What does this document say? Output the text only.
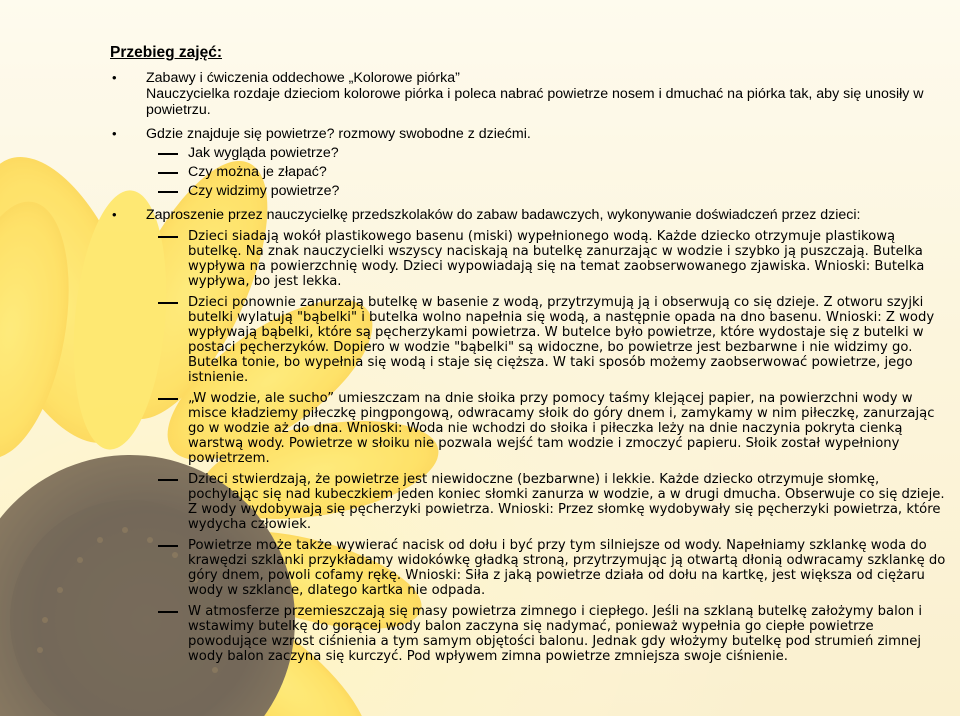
Przebieg zajęć:
• Zabawy i ćwiczenia oddechowe „Kolorowe piórka”
Nauczycielka rozdaje dzieciom kolorowe piórka i poleca nabrać powietrze nosem i dmuchać na piórka tak, aby się unosiły w powietrzu.
• Gdzie znajduje się powietrze? rozmowy swobodne z dziećmi.
Jak wygląda powietrze?
Czy można je złapać?
Czy widzimy powietrze?
• Zaproszenie przez nauczycielkę przedszkolaków do zabaw badawczych, wykonywanie doświadczeń przez dzieci:
Dzieci siadają wokół plastikowego basenu (miski) wypełnionego wodą. Każde dziecko otrzymuje plastikową butelkę. Na znak nauczycielki wszyscy naciskają na butelkę zanurzając w wodzie i szybko ją puszczają. Butelka wypływa na powierzchnię wody. Dzieci wypowiadają się na temat zaobserwowanego zjawiska. Wnioski: Butelka wypływa, bo jest lekka.
Dzieci ponownie zanurzają butelkę w basenie z wodą, przytrzymują ją i obserwują co się dzieje. Z otworu szyjki butelki wylatują "bąbelki" i butelka wolno napełnia się wodą, a następnie opada na dno basenu. Wnioski: Z wody wypływają bąbelki, które są pęcherzykami powietrza. W butelce było powietrze, które wydostaje się z butelki w postaci pęcherzyków. Dopiero w wodzie "bąbelki" są widoczne, bo powietrze jest bezbarwne i nie widzimy go. Butelka tonie, bo wypełnia się wodą i staje się cięższa. W taki sposób możemy zaobserwować powietrze, jego istnienie.
„W wodzie, ale sucho” umieszczam na dnie słoika przy pomocy taśmy klejącej papier, na powierzchni wody w misce kładziemy piłeczkę pingpongową, odwracamy słoik do góry dnem i, zamykamy w nim piłeczkę, zanurzając go w wodzie aż do dna. Wnioski: Woda nie wchodzi do słoika i piłeczka leży na dnie naczynia pokryta cienką warstwą wody. Powietrze w słoiku nie pozwala wejść tam wodzie i zmoczyć papieru. Słoik został wypełniony powietrzem.
Dzieci stwierdzają, że powietrze jest niewidoczne (bezbarwne) i lekkie. Każde dziecko otrzymuje słomkę, pochylając się nad kubeczkiem jeden koniec słomki zanurza w wodzie, a w drugi dmucha. Obserwuje co się dzieje. Z wody wydobywają się pęcherzyki powietrza. Wnioski: Przez słomkę wydobywały się pęcherzyki powietrza, które wydycha człowiek.
Powietrze może także wywierać nacisk od dołu i być przy tym silniejsze od wody. Napełniamy szklankę woda do krawędzi szklanki przykładamy widokówkę gładką stroną, przytrzymując ją otwartą dłonią odwracamy szklankę do góry dnem, powoli cofamy rękę. Wnioski: Siła z jaką powietrze działa od dołu na kartkę, jest większa od ciężaru wody w szklance, dlatego kartka nie odpada.
W atmosferze przemieszczają się masy powietrza zimnego i ciepłego. Jeśli na szklaną butelkę założymy balon i wstawimy butelkę do gorącej wody balon zaczyna się nadymać, ponieważ wypełnia go ciepłe powietrze powodujące wzrost ciśnienia a tym samym objętości balonu. Jednak gdy włożymy butelkę pod strumień zimnej wody balon zaczyna się kurczyć. Pod wpływem zimna powietrze zmniejsza swoje ciśnienie.
